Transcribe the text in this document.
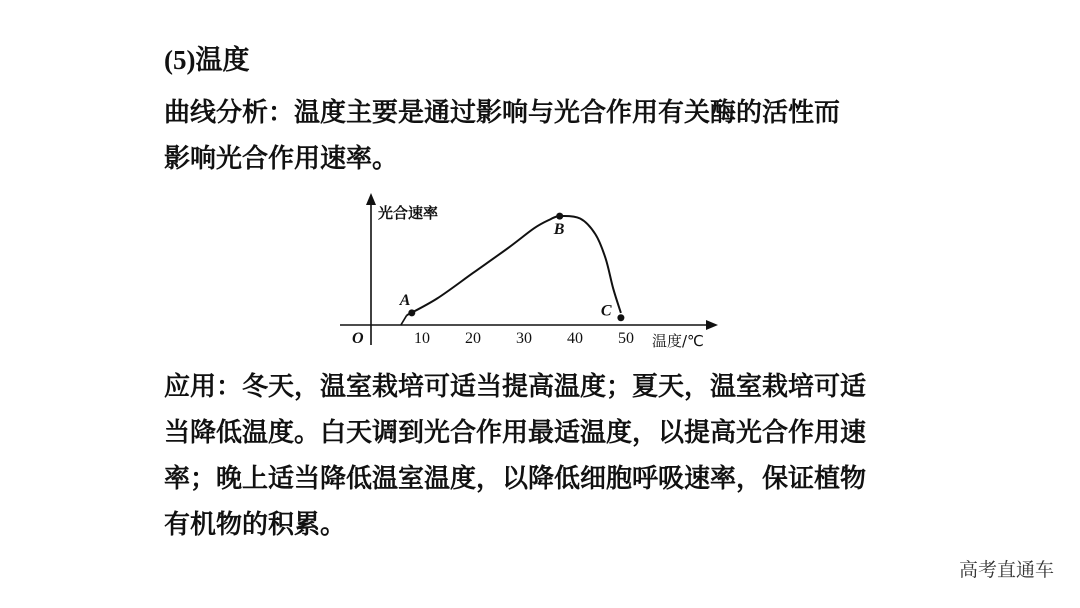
(5)温度
曲线分析：温度主要是通过影响与光合作用有关酶的活性而
影响光合作用速率。
光合速率
O	温度/℃
10 20 30 40 50
A
B
C
应用：冬天，温室栽培可适当提高温度；夏天，温室栽培可适
当降低温度。白天调到光合作用最适温度，以提高光合作用速
率；晚上适当降低温室温度，以降低细胞呼吸速率，保证植物
有机物的积累。
高考直通车
